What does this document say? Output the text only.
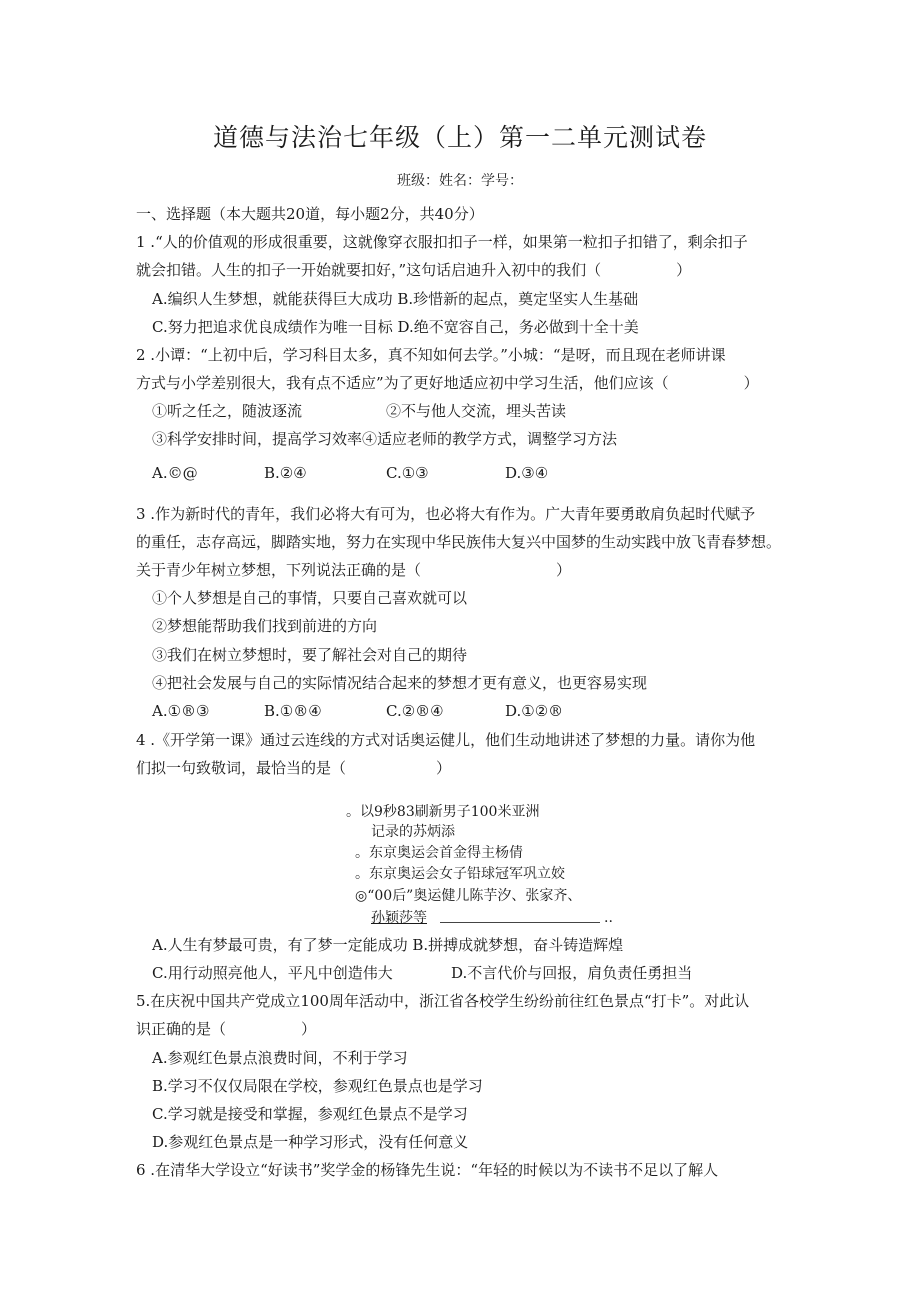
道德与法治七年级（上）第一二单元测试卷
班级：姓名：学号：
一、选择题（本大题共20道，每小题2分，共40分）
1 .“人的价值观的形成很重要，这就像穿衣服扣扣子一样，如果第一粒扣子扣错了，剩余扣子
就会扣错。人生的扣子一开始就要扣好，”这句话启迪升入初中的我们（　　　　　）
A.编织人生梦想，就能获得巨大成功 B.珍惜新的起点，奠定坚实人生基础
C.努力把追求优良成绩作为唯一目标 D.绝不宽容自己，务必做到十全十美
2 .小谭：“上初中后，学习科目太多，真不知如何去学。”小城：“是呀，而且现在老师讲课
方式与小学差别很大，我有点不适应”为了更好地适应初中学习生活，他们应该（　　　　　）
①听之任之，随波逐流	②不与他人交流，埋头苦读
③科学安排时间，提高学习效率④适应老师的教学方式，调整学习方法
A.©@	B.②④	C.①③	D.③④
3 .作为新时代的青年，我们必将大有可为，也必将大有作为。广大青年要勇敢肩负起时代赋予
的重任，志存高远，脚踏实地，努力在实现中华民族伟大复兴中国梦的生动实践中放飞青春梦想。
关于青少年树立梦想，下列说法正确的是（　　　　　　　　　）
①个人梦想是自己的事情，只要自己喜欢就可以
②梦想能帮助我们找到前进的方向
③我们在树立梦想时，要了解社会对自己的期待
④把社会发展与自己的实际情况结合起来的梦想才更有意义，也更容易实现
A.①®③	B.①®④	C.②®④	D.①②®
4 .《开学第一课》通过云连线的方式对话奥运健儿，他们生动地讲述了梦想的力量。请你为他
们拟一句致敬词，最恰当的是（　　　　　　）
。以9秒83刷新男子100米亚洲
记录的苏炳添
。东京奥运会首金得主杨倩
。东京奥运会女子铅球冠军巩立姣
◎“00后”奥运健儿陈芋汐、张家齐、
孙颖莎等	..
A.人生有梦最可贵，有了梦一定能成功 B.拼搏成就梦想，奋斗铸造辉煌
C.用行动照亮他人，平凡中创造伟大	D.不言代价与回报，肩负责任勇担当
5.在庆祝中国共产党成立100周年活动中，浙江省各校学生纷纷前往红色景点“打卡”。对此认
识正确的是（　　　　　）
A.参观红色景点浪费时间，不利于学习
B.学习不仅仅局限在学校，参观红色景点也是学习
C.学习就是接受和掌握，参观红色景点不是学习
D.参观红色景点是一种学习形式，没有任何意义
6 .在清华大学设立“好读书”奖学金的杨锋先生说：“年轻的时候以为不读书不足以了解人
